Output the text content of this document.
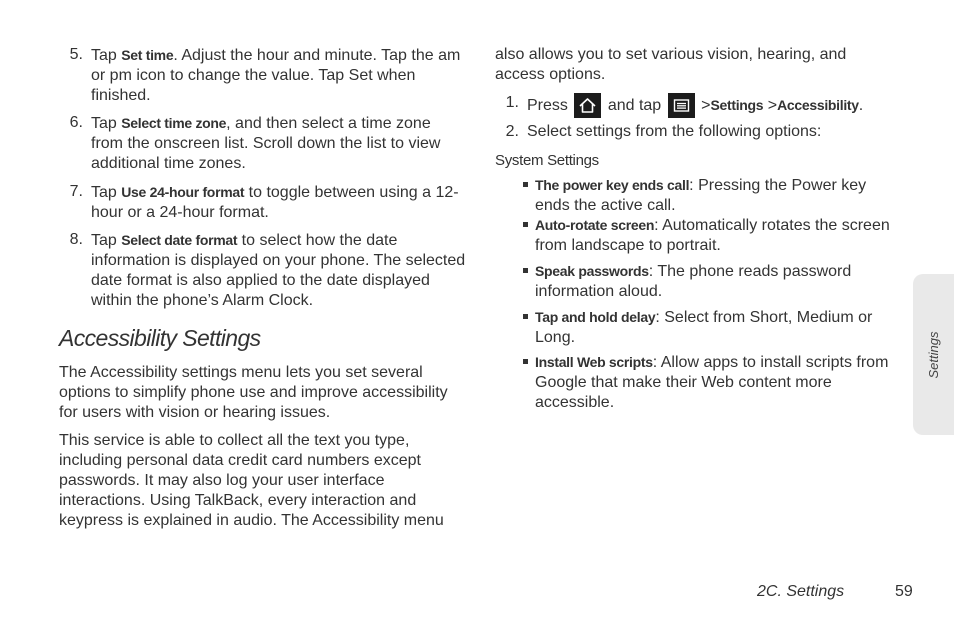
5. Tap Set time. Adjust the hour and minute. Tap the am or pm icon to change the value. Tap Set when finished.
6. Tap Select time zone, and then select a time zone from the onscreen list. Scroll down the list to view additional time zones.
7. Tap Use 24-hour format to toggle between using a 12-hour or a 24-hour format.
8. Tap Select date format to select how the date information is displayed on your phone. The selected date format is also applied to the date displayed within the phone’s Alarm Clock.
Accessibility Settings

The Accessibility settings menu lets you set several options to simplify phone use and improve accessibility for users with vision or hearing issues.

This service is able to collect all the text you type, including personal data credit card numbers except passwords. It may also log your user interface interactions. Using TalkBack, every interaction and keypress is explained in audio. The Accessibility menu

also allows you to set various vision, hearing, and access options.

1. Press and tap >Settings >Accessibility.
2. Select settings from the following options:
System Settings
The power key ends call: Pressing the Power key ends the active call.
Auto-rotate screen: Automatically rotates the screen from landscape to portrait.
Speak passwords: The phone reads password information aloud.
Tap and hold delay: Select from Short, Medium or Long.
Install Web scripts: Allow apps to install scripts from Google that make their Web content more accessible.
Settings
2C. Settings	59
